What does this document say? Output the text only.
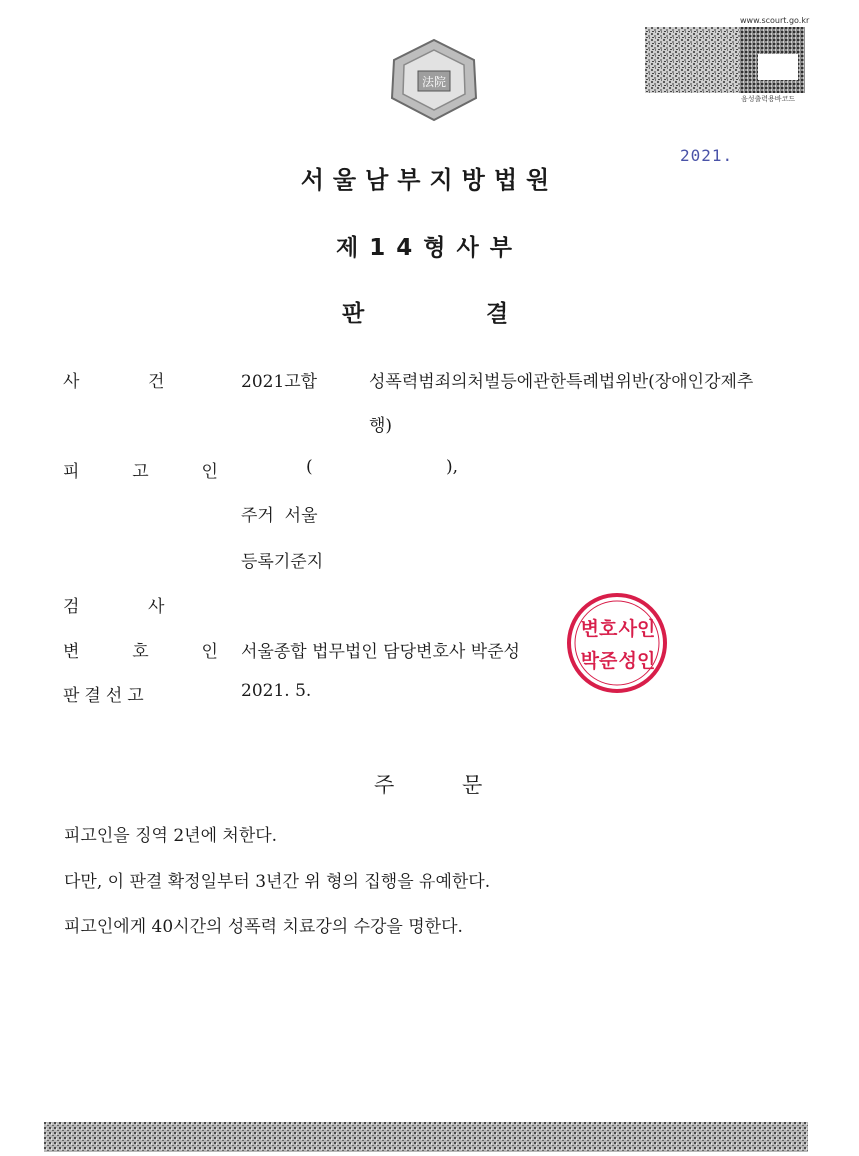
法院
www.scourt.go.kr
음성출력용바코드
2021.
서울남부지방법원
제14형사부
판	결
사	건	2021고합	성폭력범죄의처벌등에관한특례법위반(장애인강제추
행)
피  고  인	(	),
주거  서울
등록기준지
검	사
변  호  인 서울종합 법무법인 담당변호사 박준성
판결선고	2021. 5.
변호 사인
박준 성인
주	문
피고인을 징역 2년에 처한다.
다만, 이 판결 확정일부터 3년간 위 형의 집행을 유예한다.
피고인에게 40시간의 성폭력 치료강의 수강을 명한다.
